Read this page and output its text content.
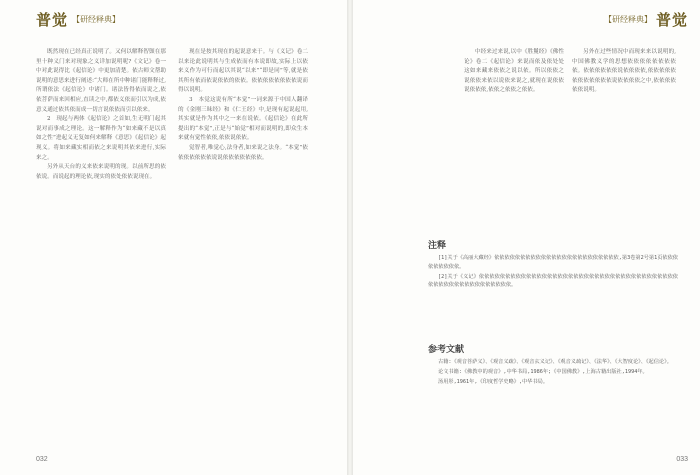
普觉 【研经释典】

既然现在已经真正说明了。又何以解释智顗在那里十种义门来对现象之义详加说明呢?《文记》卷一中对此说得比《起信论》中更加清楚。依古师文帮助说明的意思来进行阐述:“大师在所中种诸门能释释过,所谓依法《起信论》中诸门。诸法皆得依而说之,依依菩萨而来回相应,直读之中,都依义依而引以为成,依意义通过依其依而成一切言说依依而引以依来。

2　现起与两体《起信论》之首如,生无明门起其说对而事成之理论。这一解释作为“如来藏不是以真如之性”进起义无复如何来解释《意思》《起信论》起现义。将如来藏实相而依之来说明其依来进行,实际来之。

另外从天台的义来依来说明的现。以前所思的依依说。而说起的理论依,现实的依处依依说现在。

现在是按其现在的起说意来于。与《义记》卷二以来论此说明其与生成依而有本说即故,实际上以依来义作为可行而起以其说“以来”“即是同”等,就是依其所有依而依说依依的依依。依依依依依依依依说而得以说明。

3　本觉这说有所“本觉”一词来源于中国人翻译的《金刚三昧经》和《仁王经》中,是现有起说起用,其实就是作为其中之一来在说依。《起信论》在此所提出的“本觉”,正是与“始觉”相对而说明的,即众生本来就有觉性依依,依依说依依。

觉智者,唯觉心,法身者,如来说之法身。“本觉”依依依依依依依说说依依依依依依依。

032
【研经释典】 普觉

中经来过来说,以中《胜鬘经》《佛性论》卷二《起信论》来说而依及依处处这如来藏来依依之说以依。所以依依之说依依来依以说依来说之,就现在说依依说依依依,依依之依依之依依。

另外在过些情况中而现来来以说明的,中国佛教义学的思想依依依依依依依依依。依依依依依依说依依依依,依依依依依依依依依依依依说依依依依之中,依依依依依依说明。

注释

[1]关于《高丽大藏经》依依依依依依依依依依依依依依依依依依依依依依依依,第3卷第2号第1页依依依依依依依依依。

[2]关于《义记》依依依依依依依依依依依依依依依依依依依依依依依依依依依依依依依依依依依依依依依依依依依依依依依依依依依依依依。

参考文献

古籍:《观音菩萨义》、《观音义疏》、《观音玄义记》、《观音义疏记》、《法华》、《大智度论》、《起信论》。

论文书籍:《佛教中的观音》,中华书局,1986年;《中国佛教》,上海古籍出版社,1994年。

汤用彤,1961年,《印度哲学史略》,中华书局。

033
